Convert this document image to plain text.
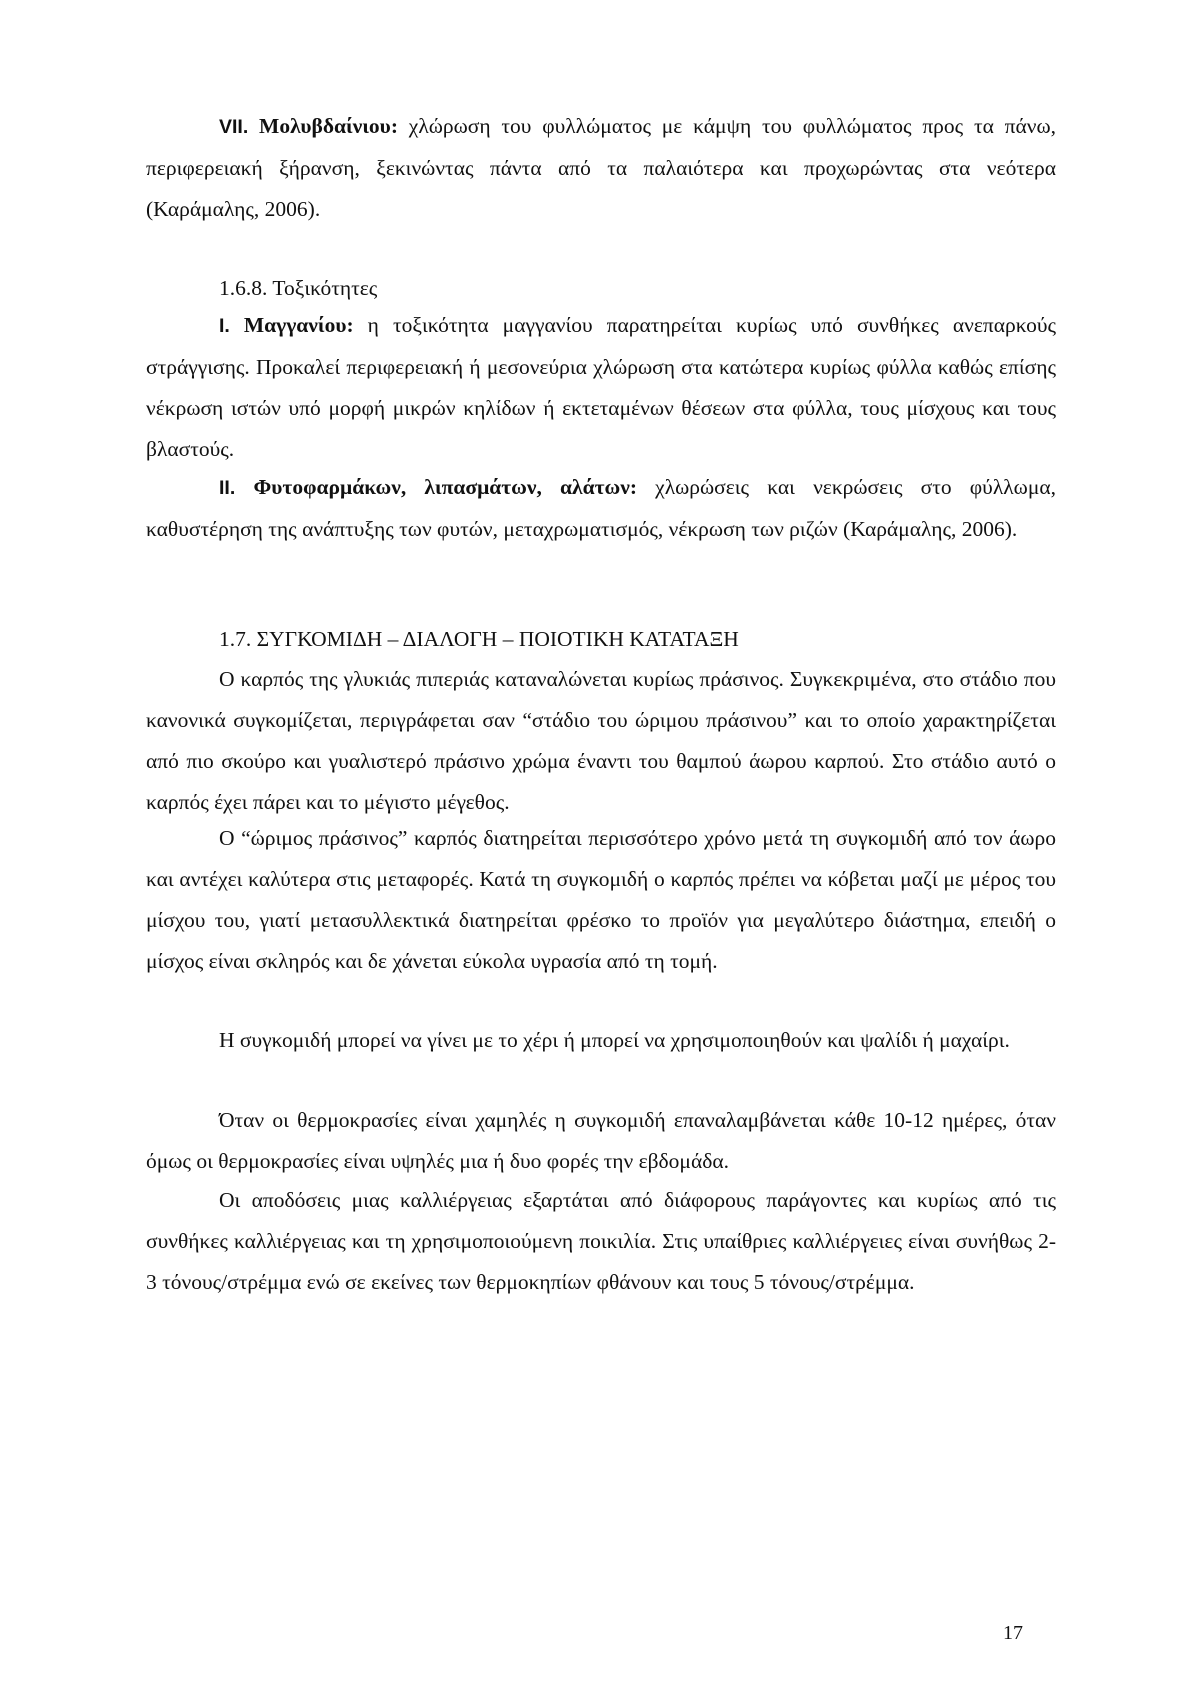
VII. Μολυβδαίνιου: χλώρωση του φυλλώματος με κάμψη του φυλλώματος προς τα πάνω, περιφερειακή ξήρανση, ξεκινώντας πάντα από τα παλαιότερα και προχωρώντας στα νεότερα (Καράμαλης, 2006).
1.6.8. Τοξικότητες
Ι. Μαγγανίου: η τοξικότητα μαγγανίου παρατηρείται κυρίως υπό συνθήκες ανεπαρκούς στράγγισης. Προκαλεί περιφερειακή ή μεσονεύρια χλώρωση στα κατώτερα κυρίως φύλλα καθώς επίσης νέκρωση ιστών υπό μορφή μικρών κηλίδων ή εκτεταμένων θέσεων στα φύλλα, τους μίσχους και τους βλαστούς.
ΙΙ. Φυτοφαρμάκων, λιπασμάτων, αλάτων: χλωρώσεις και νεκρώσεις στο φύλλωμα, καθυστέρηση της ανάπτυξης των φυτών, μεταχρωματισμός, νέκρωση των ριζών (Καράμαλης, 2006).
1.7. ΣΥΓΚΟΜΙΔΗ – ΔΙΑΛΟΓΗ – ΠΟΙΟΤΙΚΗ ΚΑΤΑΤΑΞΗ
Ο καρπός της γλυκιάς πιπεριάς καταναλώνεται κυρίως πράσινος. Συγκεκριμένα, στο στάδιο που κανονικά συγκομίζεται, περιγράφεται σαν “στάδιο του ώριμου πράσινου” και το οποίο χαρακτηρίζεται από πιο σκούρο και γυαλιστερό πράσινο χρώμα έναντι του θαμπού άωρου καρπού. Στο στάδιο αυτό ο καρπός έχει πάρει και το μέγιστο μέγεθος.
Ο “ώριμος πράσινος” καρπός διατηρείται περισσότερο χρόνο μετά τη συγκομιδή από τον άωρο και αντέχει καλύτερα στις μεταφορές. Κατά τη συγκομιδή ο καρπός πρέπει να κόβεται μαζί με μέρος του μίσχου του, γιατί μετασυλλεκτικά διατηρείται φρέσκο το προϊόν για μεγαλύτερο διάστημα, επειδή ο μίσχος είναι σκληρός και δε χάνεται εύκολα υγρασία από τη τομή.
Η συγκομιδή μπορεί να γίνει με το χέρι ή μπορεί να χρησιμοποιηθούν και ψαλίδι ή μαχαίρι.
Όταν οι θερμοκρασίες είναι χαμηλές η συγκομιδή επαναλαμβάνεται κάθε 10-12 ημέρες, όταν όμως οι θερμοκρασίες είναι υψηλές μια ή δυο φορές την εβδομάδα.
Οι αποδόσεις μιας καλλιέργειας εξαρτάται από διάφορους παράγοντες και κυρίως από τις συνθήκες καλλιέργειας και τη χρησιμοποιούμενη ποικιλία. Στις υπαίθριες καλλιέργειες είναι συνήθως 2-3 τόνους/στρέμμα ενώ σε εκείνες των θερμοκηπίων φθάνουν και τους 5 τόνους/στρέμμα.
17
